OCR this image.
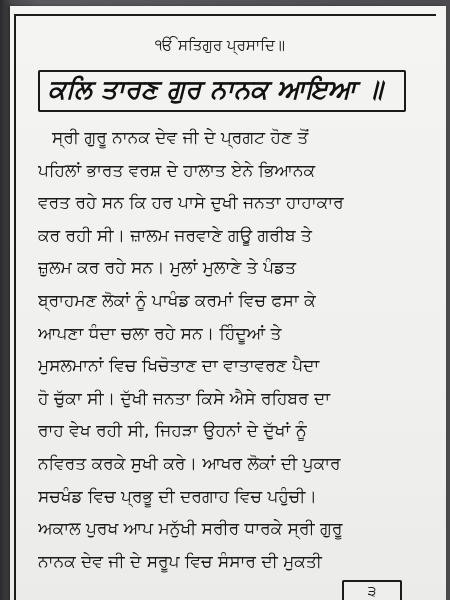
ੴ ਸਤਿਗੁਰ ਪ੍ਰਸਾਦਿ॥
ਕਲਿ ਤਾਰਣ ਗੁਰ ਨਾਨਕ ਆਇਆ ॥
ਸ੍ਰੀ ਗੁਰੂ ਨਾਨਕ ਦੇਵ ਜੀ ਦੇ ਪ੍ਰਗਟ ਹੋਣ ਤੋਂ
ਪਹਿਲਾਂ ਭਾਰਤ ਵਰਸ਼ ਦੇ ਹਾਲਾਤ ਏਨੇ ਭਿਆਨਕ
ਵਰਤ ਰਹੇ ਸਨ ਕਿ ਹਰ ਪਾਸੇ ਦੁਖੀ ਜਨਤਾ ਹਾਹਾਕਾਰ
ਕਰ ਰਹੀ ਸੀ। ਜ਼ਾਲਮ ਜਰਵਾਣੇ ਗਊ ਗਰੀਬ ਤੇ
ਜ਼ੁਲਮ ਕਰ ਰਹੇ ਸਨ। ਮੁਲਾਂ ਮੁਲਾਣੇ ਤੇ ਪੰਡਤ
ਬ੍ਰਾਹਮਣ ਲੋਕਾਂ ਨੂੰ ਪਾਖੰਡ ਕਰਮਾਂ ਵਿਚ ਫਸਾ ਕੇ
ਆਪਣਾ ਧੰਦਾ ਚਲਾ ਰਹੇ ਸਨ। ਹਿੰਦੂਆਂ ਤੇ
ਮੁਸਲਮਾਨਾਂ ਵਿਚ ਖਿਚੋਤਾਣ ਦਾ ਵਾਤਾਵਰਣ ਪੈਦਾ
ਹੋ ਚੁੱਕਾ ਸੀ। ਦੁੱਖੀ ਜਨਤਾ ਕਿਸੇ ਐਸੇ ਰਹਿਬਰ ਦਾ
ਰਾਹ ਵੇਖ ਰਹੀ ਸੀ, ਜਿਹੜਾ ਉਹਨਾਂ ਦੇ ਦੁੱਖਾਂ ਨੂੰ
ਨਵਿਰਤ ਕਰਕੇ ਸੁਖੀ ਕਰੇ। ਆਖਰ ਲੋਕਾਂ ਦੀ ਪੁਕਾਰ
ਸਚਖੰਡ ਵਿਚ ਪ੍ਰਭੂ ਦੀ ਦਰਗਾਹ ਵਿਚ ਪਹੁੰਚੀ।
ਅਕਾਲ ਪੁਰਖ ਆਪ ਮਨੁੱਖੀ ਸਰੀਰ ਧਾਰਕੇ ਸ੍ਰੀ ਗੁਰੂ
ਨਾਨਕ ਦੇਵ ਜੀ ਦੇ ਸਰੂਪ ਵਿਚ ਸੰਸਾਰ ਦੀ ਮੁਕਤੀ
੩
